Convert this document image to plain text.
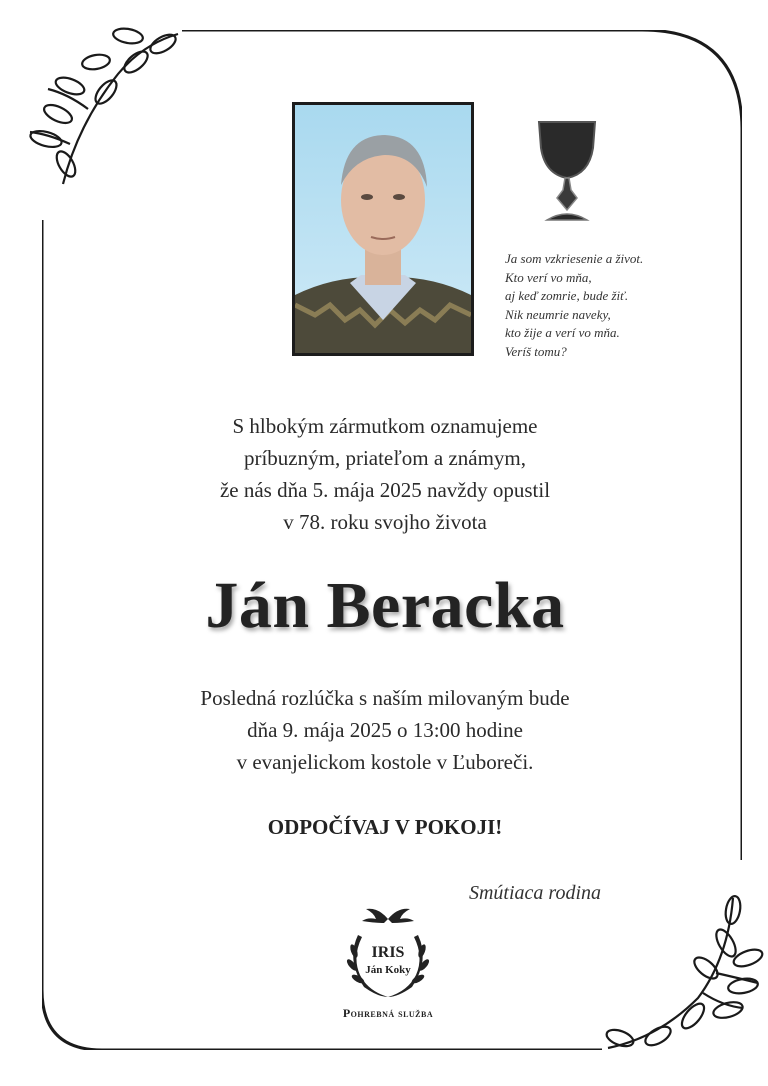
Ja som vzkriesenie a život.
Kto verí vo mňa,
aj keď zomrie, bude žiť.
Nik neumrie naveky,
kto žije a verí vo mňa.
Veríš tomu?
S hlbokým zármutkom oznamujeme
príbuzným, priateľom a známym,
že nás dňa 5. mája 2025 navždy opustil
v 78. roku svojho života
Ján Beracka
Posledná rozlúčka s naším milovaným bude
dňa 9. mája 2025 o 13:00 hodine
v evanjelickom kostole v Ľuboreči.
ODPOČÍVAJ V POKOJI!
Smútiaca rodina
IRIS
Ján Koky
Pohrebná služba
